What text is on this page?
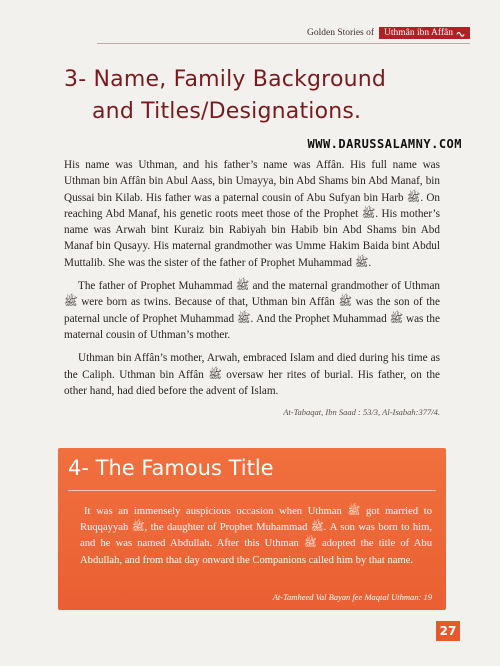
Golden Stories of Uthmân ibn Affân
3- Name, Family Background
and Titles/Designations.
WWW.DARUSSALAMNY.COM

His name was Uthman, and his father’s name was Affân. His full name was Uthman bin Affân bin Abul Aass, bin Umayya, bin Abd Shams bin Abd Manaf, bin Qussai bin Kilab. His father was a paternal cousin of Abu Sufyan bin Harb ﷺ. On reaching Abd Manaf, his genetic roots meet those of the Prophet ﷺ. His mother’s name was Arwah bint Kuraiz bin Rabiyah bin Habib bin Abd Shams bin Abd Manaf bin Qusayy. His maternal grandmother was Umme Hakim Baida bint Abdul Muttalib. She was the sister of the father of Prophet Muhammad ﷺ.

The father of Prophet Muhammad ﷺ and the maternal grandmother of Uthman ﷺ were born as twins. Because of that, Uthman bin Affân ﷺ was the son of the paternal uncle of Prophet Muhammad ﷺ. And the Prophet Muhammad ﷺ was the maternal cousin of Uthman’s mother.

Uthman bin Affân’s mother, Arwah, embraced Islam and died during his time as the Caliph. Uthman bin Affân ﷺ oversaw her rites of burial. His father, on the other hand, had died before the advent of Islam.

At-Tabaqat, Ibn Saad : 53/3, Al-Isabah:377/4.
4- The Famous Title
It was an immensely auspicious occasion when Uthman ﷺ got married to Ruqqayyah ﷺ, the daughter of Prophet Muhammad ﷺ. A son was born to him, and he was named Abdullah. After this Uthman ﷺ adopted the title of Abu Abdullah, and from that day onward the Companions called him by that name.
At-Tamheed Val Bayan fee Maqtal Uthman: 19
27
